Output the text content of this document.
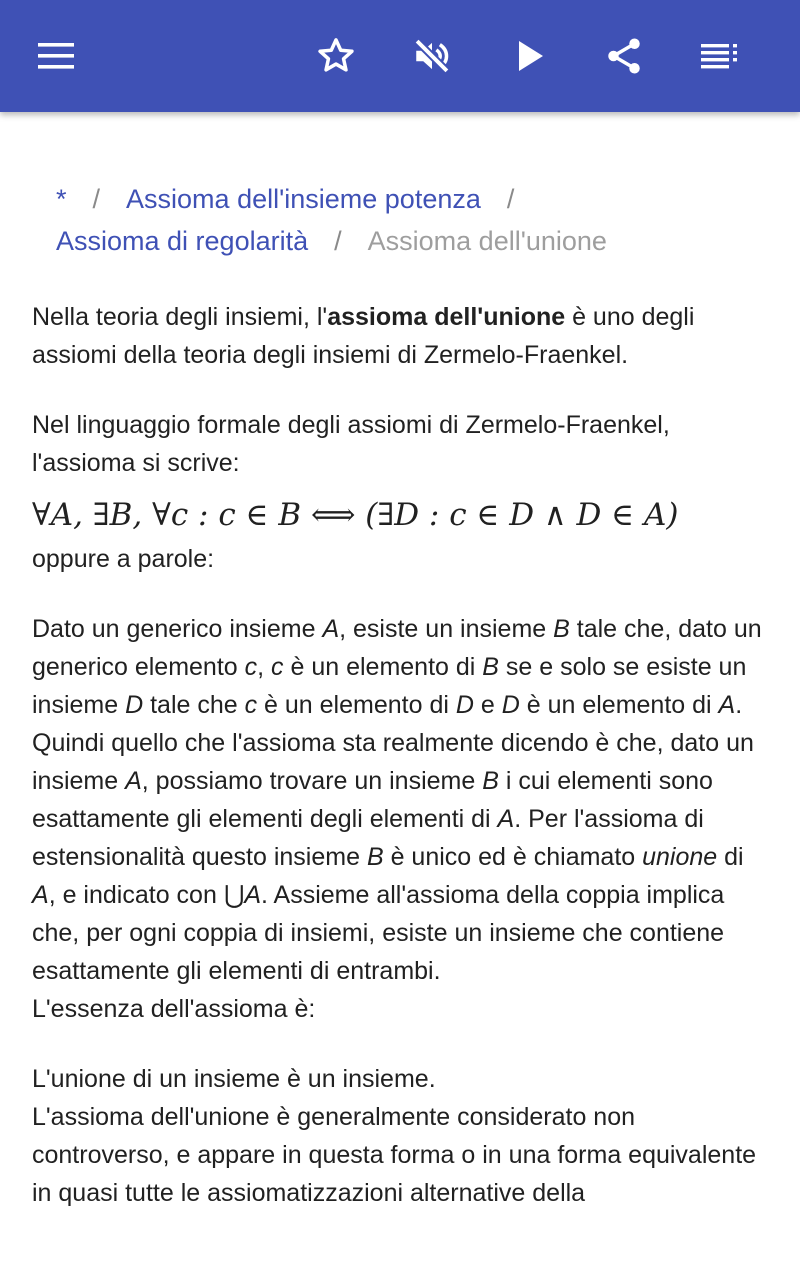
* / Assioma dell'insieme potenza /
Assioma di regolarità / Assioma dell'unione

Nella teoria degli insiemi, l'assioma dell'unione è uno degli assiomi della teoria degli insiemi di Zermelo-Fraenkel.

Nel linguaggio formale degli assiomi di Zermelo-Fraenkel, l'assioma si scrive:

∀A, ∃B, ∀c : c ∈ B ⟺ (∃D : c ∈ D ∧ D ∈ A)

oppure a parole:

Dato un generico insieme A, esiste un insieme B tale che, dato un generico elemento c, c è un elemento di B se e solo se esiste un insieme D tale che c è un elemento di D e D è un elemento di A.

Quindi quello che l'assioma sta realmente dicendo è che, dato un insieme A, possiamo trovare un insieme B i cui elementi sono esattamente gli elementi degli elementi di A. Per l'assioma di estensionalità questo insieme B è unico ed è chiamato unione di A, e indicato con ⋃A. Assieme all'assioma della coppia implica che, per ogni coppia di insiemi, esiste un insieme che contiene esattamente gli elementi di entrambi.

L'essenza dell'assioma è:

L'unione di un insieme è un insieme.

L'assioma dell'unione è generalmente considerato non controverso, e appare in questa forma o in una forma equivalente in quasi tutte le assiomatizzazioni alternative della
